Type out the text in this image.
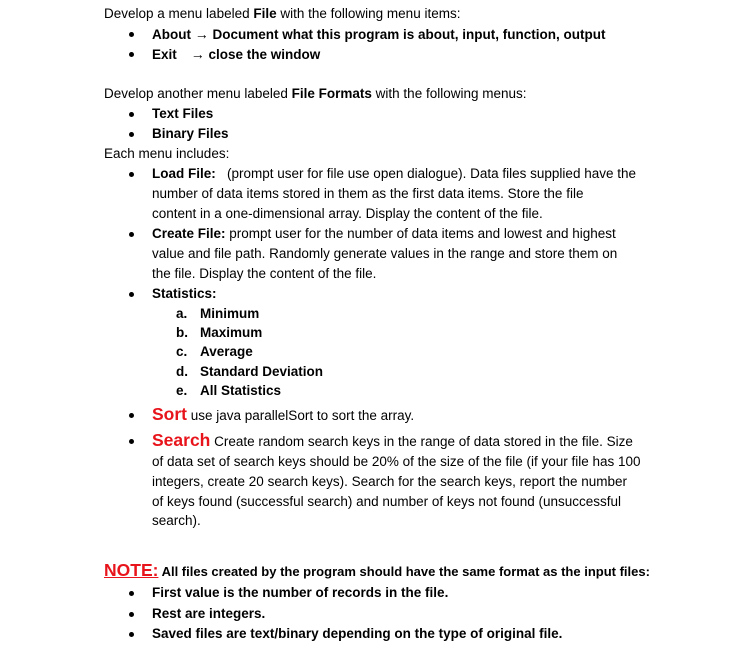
Develop a menu labeled File with the following menu items:
About → Document what this program is about, input, function, output
Exit → close the window
Develop another menu labeled File Formats with the following menus:
Text Files
Binary Files
Each menu includes:
Load File:   (prompt user for file use open dialogue). Data files supplied have the
number of data items stored in them as the first data items. Store the file
content in a one-dimensional array. Display the content of the file.
Create File: prompt user for the number of data items and lowest and highest
value and file path. Randomly generate values in the range and store them on
the file. Display the content of the file.
Statistics:
a. Minimum
b. Maximum
c. Average
d. Standard Deviation
e. All Statistics
Sort use java parallelSort to sort the array.
Search Create random search keys in the range of data stored in the file. Size
of data set of search keys should be 20% of the size of the file (if your file has 100
integers, create 20 search keys). Search for the search keys, report the number
of keys found (successful search) and number of keys not found (unsuccessful
search).
NOTE: All files created by the program should have the same format as the input files:
First value is the number of records in the file.
Rest are integers.
Saved files are text/binary depending on the type of original file.
